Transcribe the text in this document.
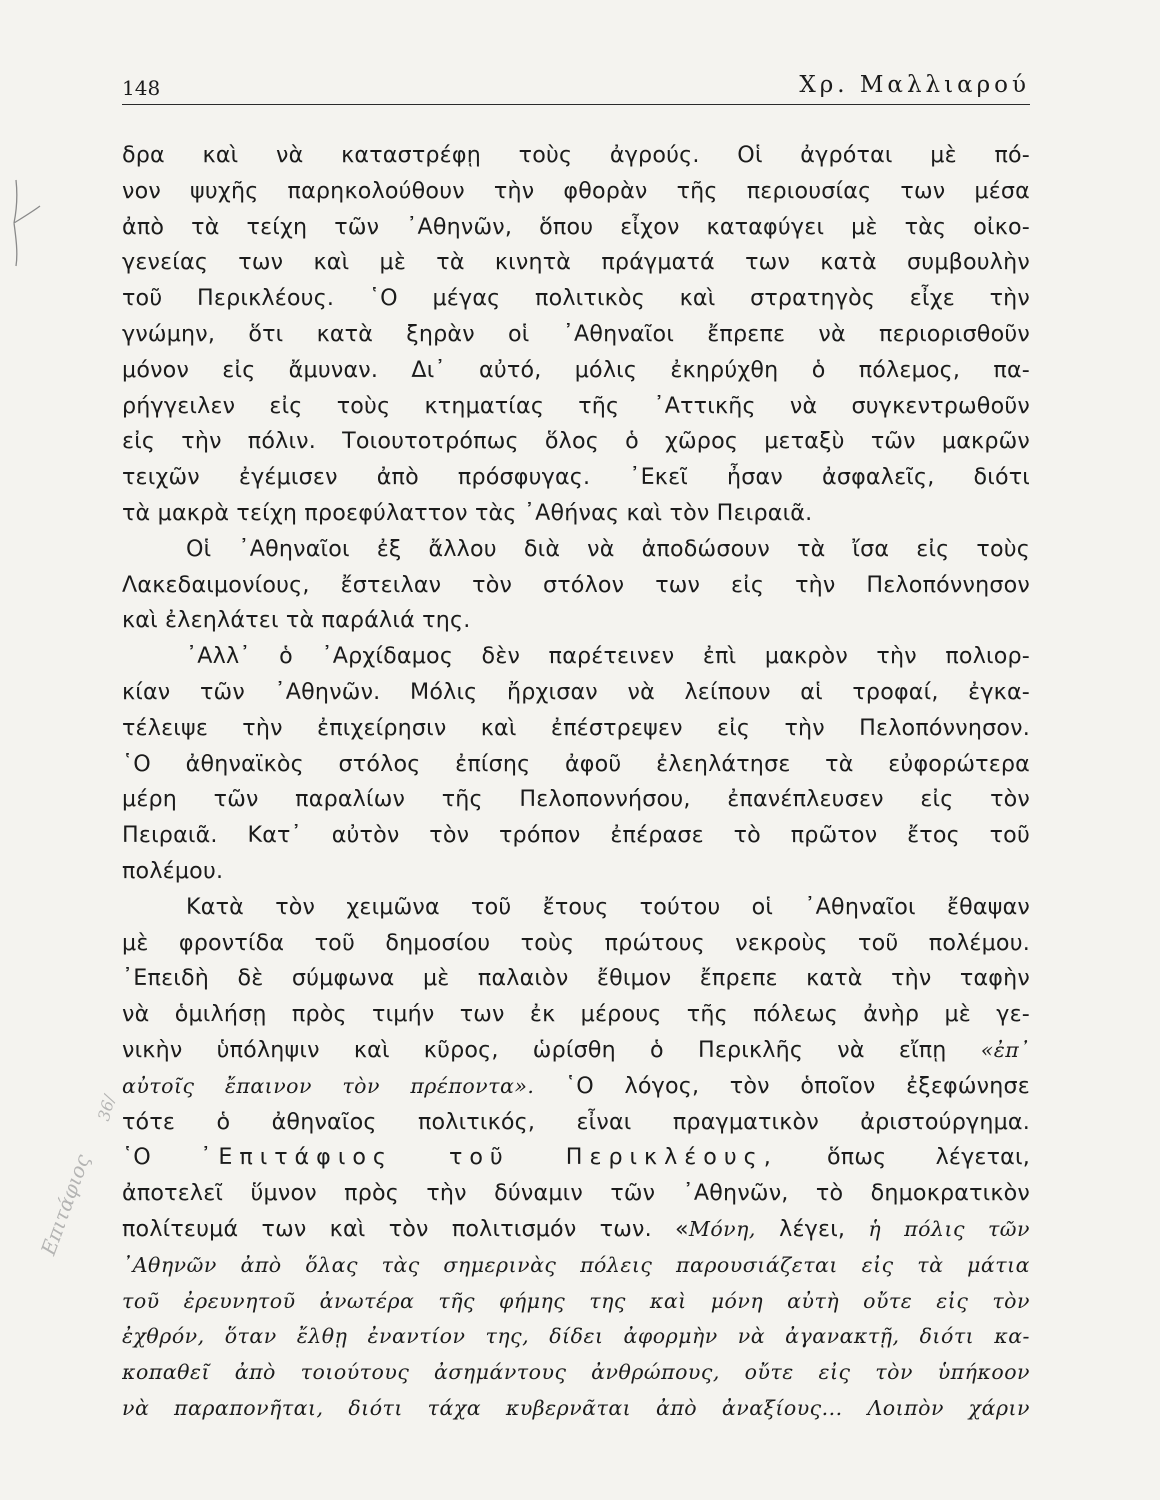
36/
Επιτάφιος
148	Χρ. Μαλλιαρού
δρα καὶ νὰ καταστρέφῃ τοὺς ἀγρούς. Οἱ ἀγρόται μὲ πό-
νον ψυχῆς παρηκολούθουν τὴν φθορὰν τῆς περιουσίας των μέσα
ἀπὸ τὰ τείχη τῶν ᾿Αθηνῶν, ὅπου εἶχον καταφύγει μὲ τὰς οἰκο-
γενείας των καὶ μὲ τὰ κινητὰ πράγματά των κατὰ συμβουλὴν
τοῦ Περικλέους. ῾Ο μέγας πολιτικὸς καὶ στρατηγὸς εἶχε τὴν
γνώμην, ὅτι κατὰ ξηρὰν οἱ ᾿Αθηναῖοι ἔπρεπε νὰ περιορισθοῦν
μόνον εἰς ἄμυναν. Δι᾿ αὐτό, μόλις ἐκηρύχθη ὁ πόλεμος, πα-
ρήγγειλεν εἰς τοὺς κτηματίας τῆς ᾿Αττικῆς νὰ συγκεντρωθοῦν
εἰς τὴν πόλιν. Τοιουτοτρόπως ὅλος ὁ χῶρος μεταξὺ τῶν μακρῶν
τειχῶν ἐγέμισεν ἀπὸ πρόσφυγας. ᾿Εκεῖ ἦσαν ἀσφαλεῖς, διότι
τὰ μακρὰ τείχη προεφύλαττον τὰς ᾿Αθήνας καὶ τὸν Πειραιᾶ.
Οἱ ᾿Αθηναῖοι ἐξ ἄλλου διὰ νὰ ἀποδώσουν τὰ ἴσα εἰς τοὺς
Λακεδαιμονίους, ἔστειλαν τὸν στόλον των εἰς τὴν Πελοπόννησον
καὶ ἐλεηλάτει τὰ παράλιά της.
᾿Αλλ᾿ ὁ ᾿Αρχίδαμος δὲν παρέτεινεν ἐπὶ μακρὸν τὴν πολιορ-
κίαν τῶν ᾿Αθηνῶν. Μόλις ἤρχισαν νὰ λείπουν αἱ τροφαί, ἐγκα-
τέλειψε τὴν ἐπιχείρησιν καὶ ἐπέστρεψεν εἰς τὴν Πελοπόννησον.
῾Ο ἀθηναϊκὸς στόλος ἐπίσης ἀφοῦ ἐλεηλάτησε τὰ εὐφορώτερα
μέρη τῶν παραλίων τῆς Πελοποννήσου, ἐπανέπλευσεν εἰς τὸν
Πειραιᾶ. Κατ᾿ αὐτὸν τὸν τρόπον ἐπέρασε τὸ πρῶτον ἔτος τοῦ
πολέμου.
Κατὰ τὸν χειμῶνα τοῦ ἔτους τούτου οἱ ᾿Αθηναῖοι ἔθαψαν
μὲ φροντίδα τοῦ δημοσίου τοὺς πρώτους νεκροὺς τοῦ πολέμου.
᾿Επειδὴ δὲ σύμφωνα μὲ παλαιὸν ἔθιμον ἔπρεπε κατὰ τὴν ταφὴν
νὰ ὁμιλήσῃ πρὸς τιμήν των ἐκ μέρους τῆς πόλεως ἀνὴρ μὲ γε-
νικὴν ὑπόληψιν καὶ κῦρος, ὡρίσθη ὁ Περικλῆς νὰ εἴπῃ «ἐπ᾿
αὐτοῖς ἔπαινον τὸν πρέποντα». ῾Ο λόγος, τὸν ὁποῖον ἐξεφώνησε
τότε ὁ ἀθηναῖος πολιτικός, εἶναι πραγματικὸν ἀριστούργημα.
῾Ο ᾿Επιτάφιος τοῦ Περικλέους, ὅπως λέγεται,
ἀποτελεῖ ὕμνον πρὸς τὴν δύναμιν τῶν ᾿Αθηνῶν, τὸ δημοκρατικὸν
πολίτευμά των καὶ τὸν πολιτισμόν των. «Μόνη, λέγει, ἡ πόλις τῶν
᾿Αθηνῶν ἀπὸ ὅλας τὰς σημερινὰς πόλεις παρουσιάζεται εἰς τὰ μάτια
τοῦ ἐρευνητοῦ ἀνωτέρα τῆς φήμης της καὶ μόνη αὐτὴ οὔτε εἰς τὸν
ἐχθρόν, ὅταν ἔλθῃ ἐναντίον της, δίδει ἀφορμὴν νὰ ἀγανακτῇ, διότι κα-
κοπαθεῖ ἀπὸ τοιούτους ἀσημάντους ἀνθρώπους, οὔτε εἰς τὸν ὑπήκοον
νὰ παραπονῆται, διότι τάχα κυβερνᾶται ἀπὸ ἀναξίους... Λοιπὸν χάριν
